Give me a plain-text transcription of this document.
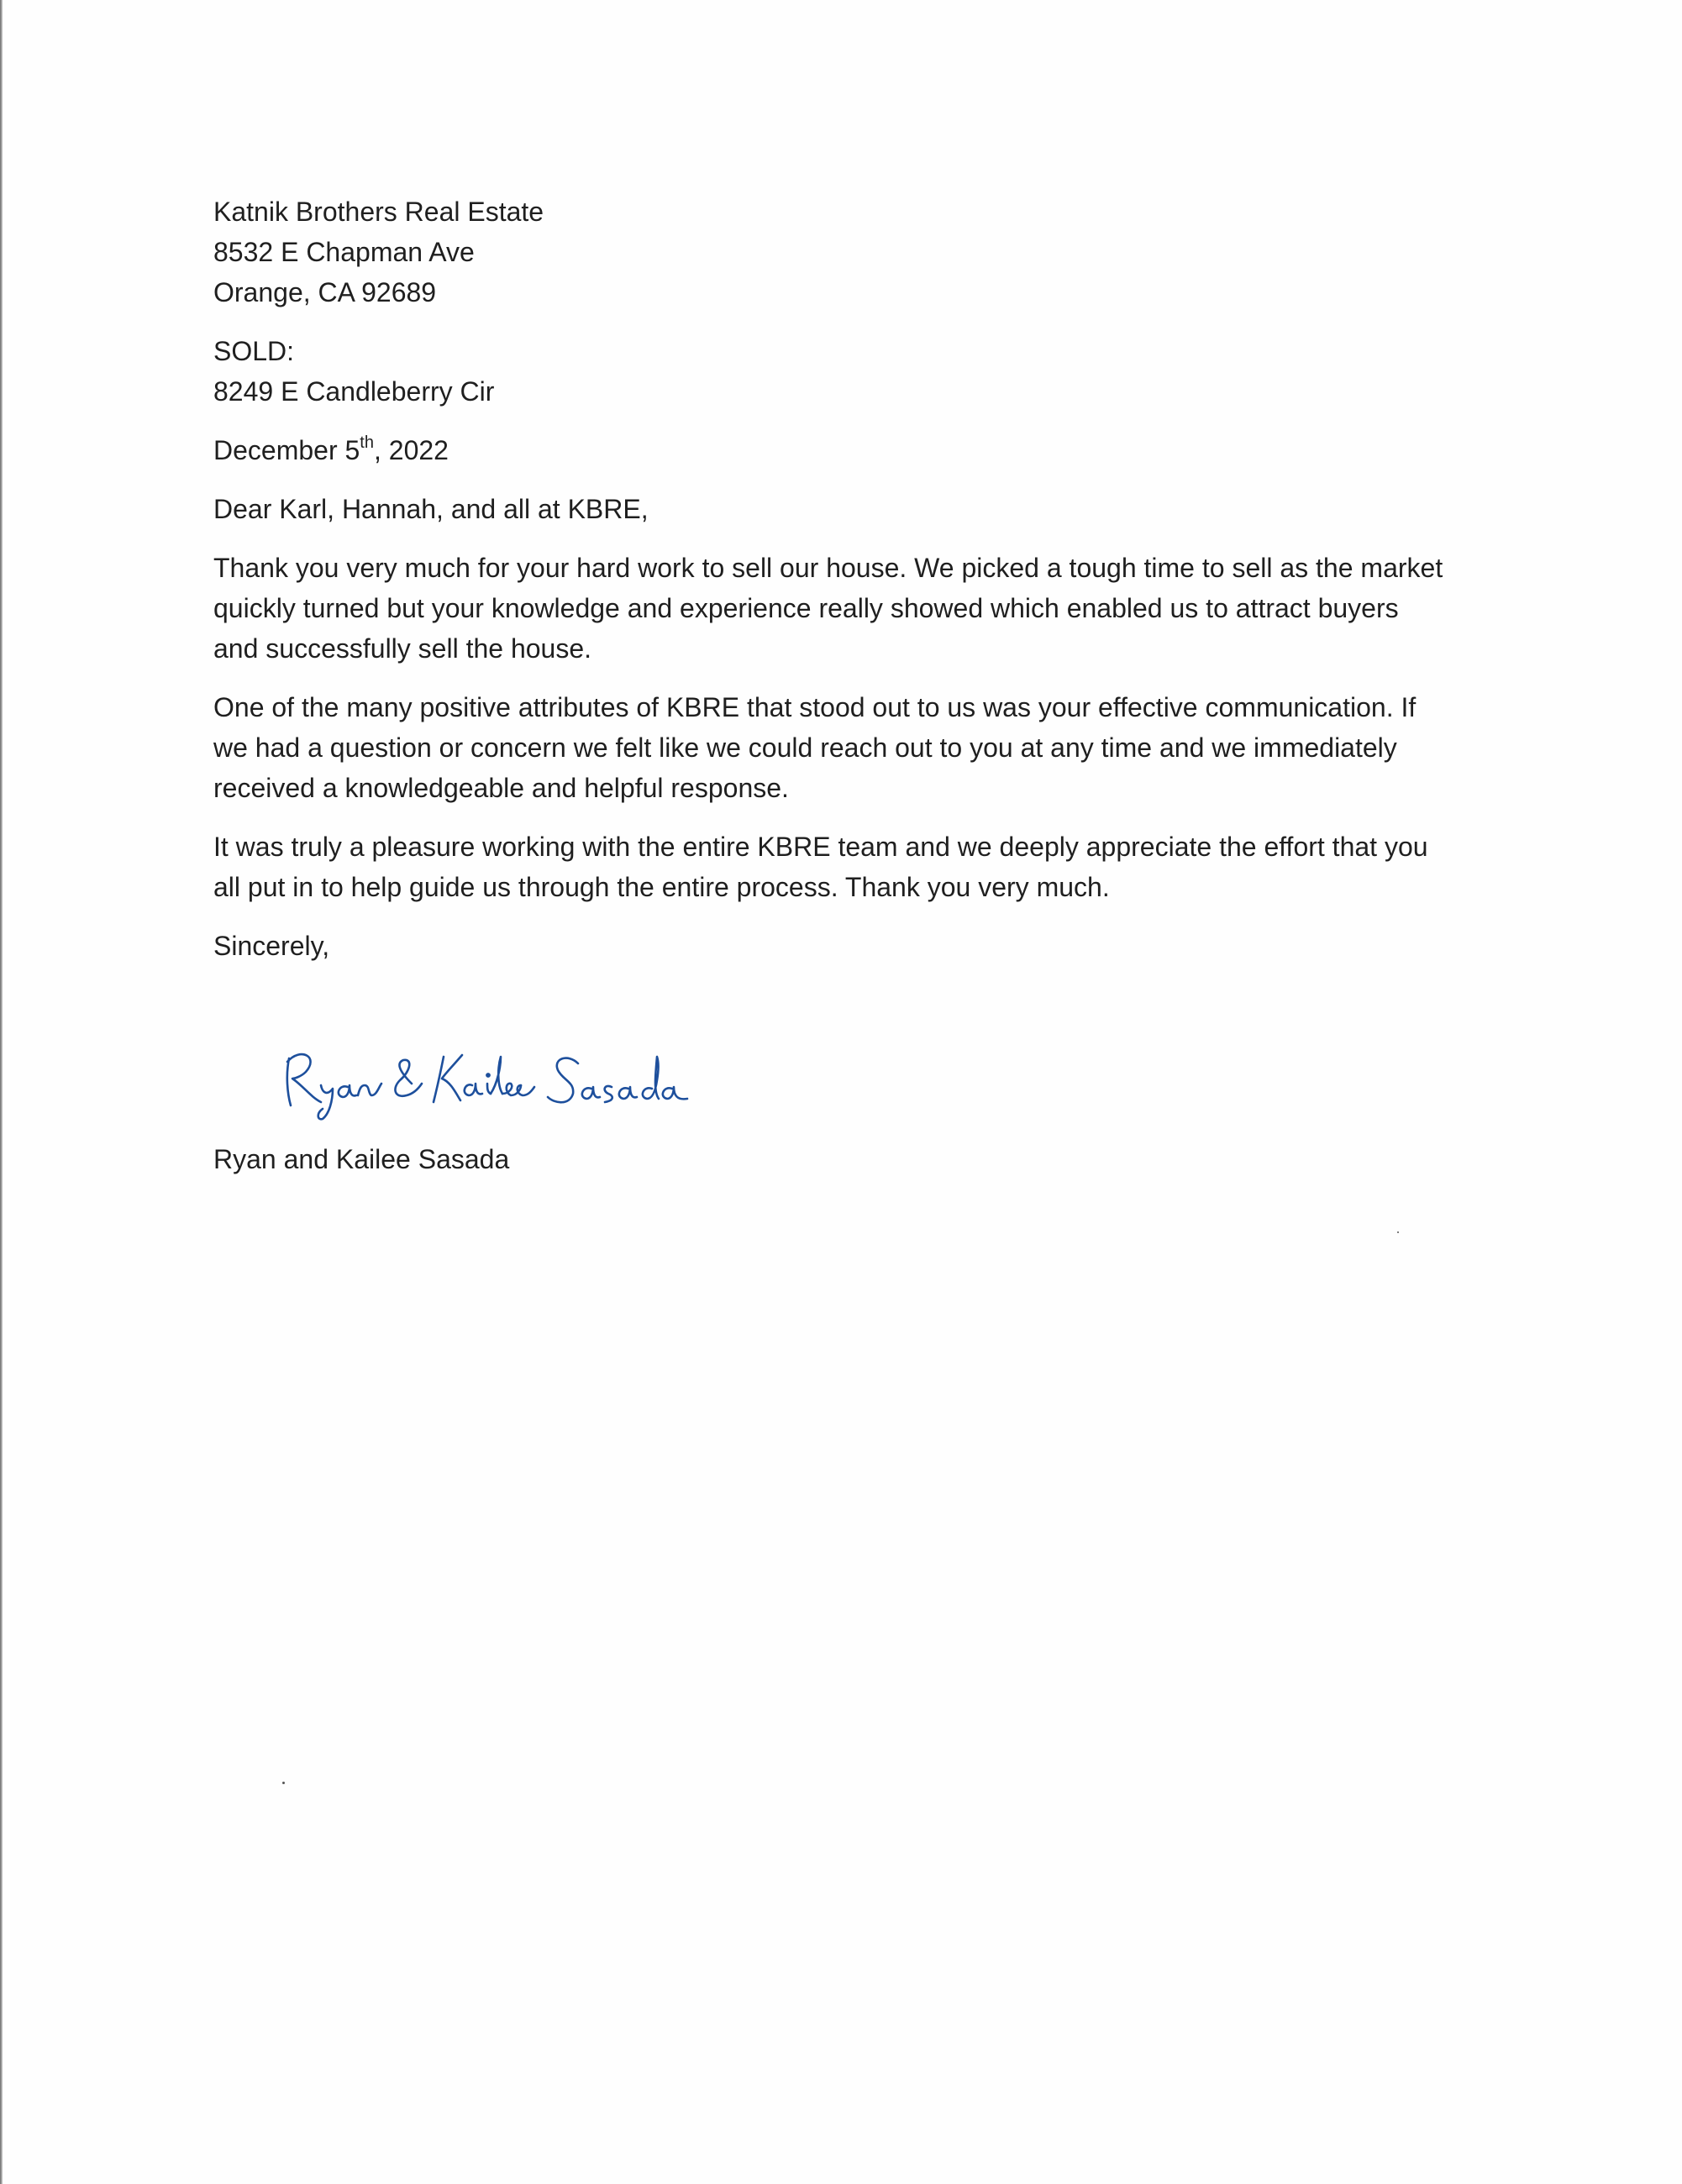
Katnik Brothers Real Estate
8532 E Chapman Ave
Orange, CA 92689
SOLD:
8249 E Candleberry Cir
December 5th, 2022
Dear Karl, Hannah, and all at KBRE,
Thank you very much for your hard work to sell our house. We picked a tough time to sell as the market
quickly turned but your knowledge and experience really showed which enabled us to attract buyers
and successfully sell the house.
One of the many positive attributes of KBRE that stood out to us was your effective communication. If
we had a question or concern we felt like we could reach out to you at any time and we immediately
received a knowledgeable and helpful response.
It was truly a pleasure working with the entire KBRE team and we deeply appreciate the effort that you
all put in to help guide us through the entire process. Thank you very much.
Sincerely,
Ryan and Kailee Sasada
